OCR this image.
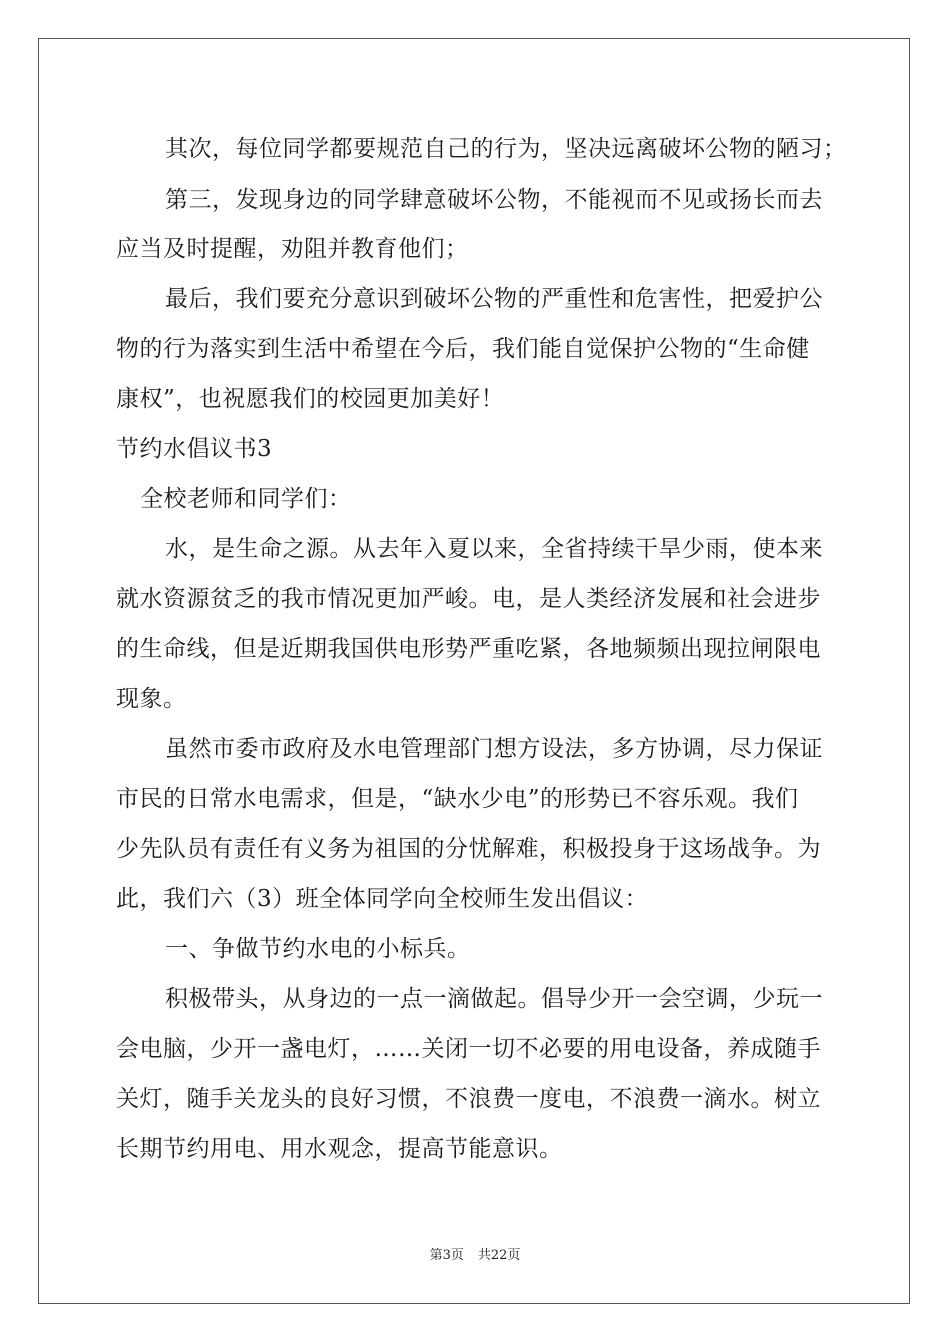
其次，每位同学都要规范自己的行为，坚决远离破坏公物的陋习；
第三，发现身边的同学肆意破坏公物，不能视而不见或扬长而去
应当及时提醒，劝阻并教育他们；
最后，我们要充分意识到破坏公物的严重性和危害性，把爱护公
物的行为落实到生活中希望在今后，我们能自觉保护公物的“生命健
康权”，也祝愿我们的校园更加美好！
节约水倡议书3
全校老师和同学们：
水，是生命之源。从去年入夏以来，全省持续干旱少雨，使本来
就水资源贫乏的我市情况更加严峻。电，是人类经济发展和社会进步
的生命线，但是近期我国供电形势严重吃紧，各地频频出现拉闸限电
现象。
虽然市委市政府及水电管理部门想方设法，多方协调，尽力保证
市民的日常水电需求，但是，“缺水少电”的形势已不容乐观。我们
少先队员有责任有义务为祖国的分忧解难，积极投身于这场战争。为
此，我们六（3）班全体同学向全校师生发出倡议：
一、争做节约水电的小标兵。
积极带头，从身边的一点一滴做起。倡导少开一会空调，少玩一
会电脑，少开一盏电灯，……关闭一切不必要的用电设备，养成随手
关灯，随手关龙头的良好习惯，不浪费一度电，不浪费一滴水。树立
长期节约用电、用水观念，提高节能意识。
第3页 共22页
